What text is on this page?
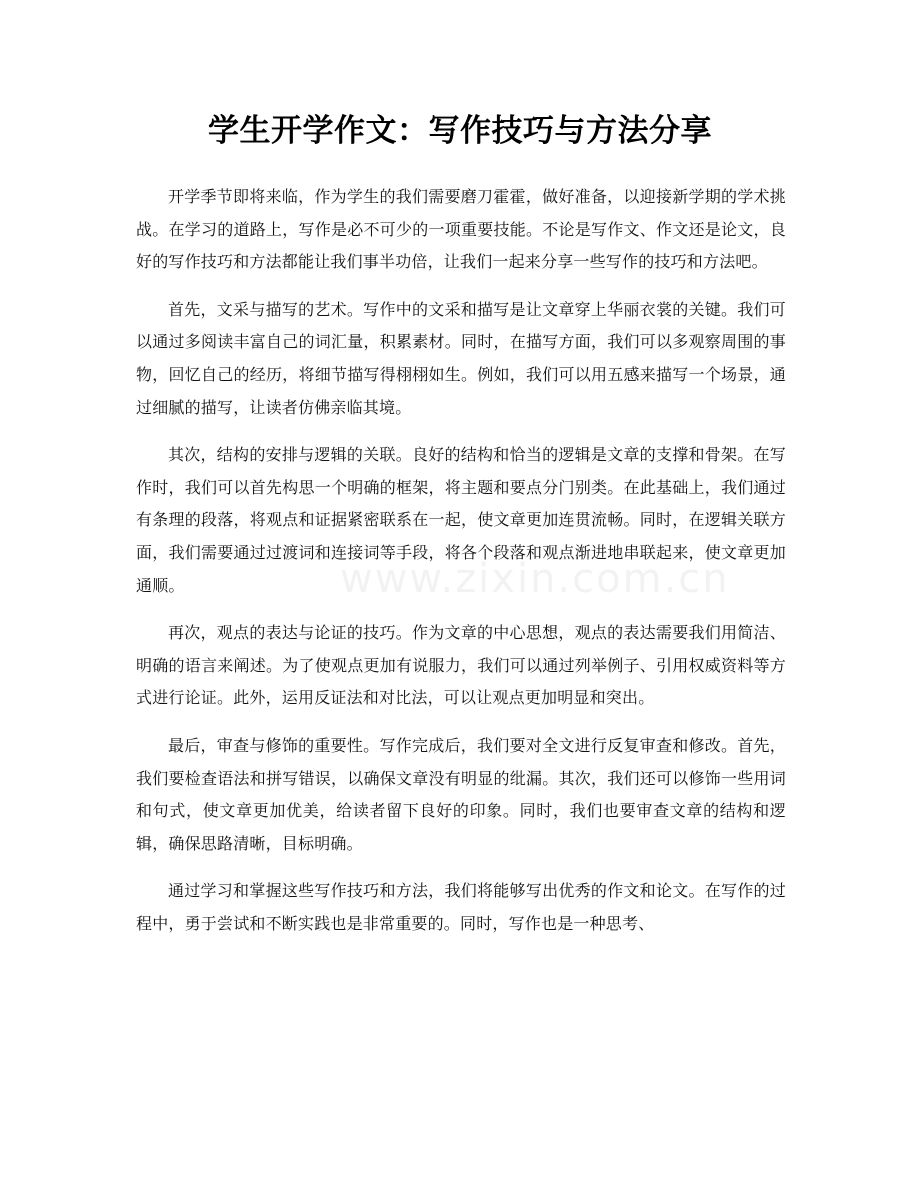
www.zixin.com.cn
学生开学作文：写作技巧与方法分享

开学季节即将来临，作为学生的我们需要磨刀霍霍，做好准备，以迎接新学期的学术挑战。在学习的道路上，写作是必不可少的一项重要技能。不论是写作文、作文还是论文，良好的写作技巧和方法都能让我们事半功倍，让我们一起来分享一些写作的技巧和方法吧。

首先，文采与描写的艺术。写作中的文采和描写是让文章穿上华丽衣裳的关键。我们可以通过多阅读丰富自己的词汇量，积累素材。同时，在描写方面，我们可以多观察周围的事物，回忆自己的经历，将细节描写得栩栩如生。例如，我们可以用五感来描写一个场景，通过细腻的描写，让读者仿佛亲临其境。

其次，结构的安排与逻辑的关联。良好的结构和恰当的逻辑是文章的支撑和骨架。在写作时，我们可以首先构思一个明确的框架，将主题和要点分门别类。在此基础上，我们通过有条理的段落，将观点和证据紧密联系在一起，使文章更加连贯流畅。同时，在逻辑关联方面，我们需要通过过渡词和连接词等手段，将各个段落和观点渐进地串联起来，使文章更加通顺。

再次，观点的表达与论证的技巧。作为文章的中心思想，观点的表达需要我们用简洁、明确的语言来阐述。为了使观点更加有说服力，我们可以通过列举例子、引用权威资料等方式进行论证。此外，运用反证法和对比法，可以让观点更加明显和突出。

最后，审查与修饰的重要性。写作完成后，我们要对全文进行反复审查和修改。首先，我们要检查语法和拼写错误，以确保文章没有明显的纰漏。其次，我们还可以修饰一些用词和句式，使文章更加优美，给读者留下良好的印象。同时，我们也要审查文章的结构和逻辑，确保思路清晰，目标明确。

通过学习和掌握这些写作技巧和方法，我们将能够写出优秀的作文和论文。在写作的过程中，勇于尝试和不断实践也是非常重要的。同时，写作也是一种思考、
